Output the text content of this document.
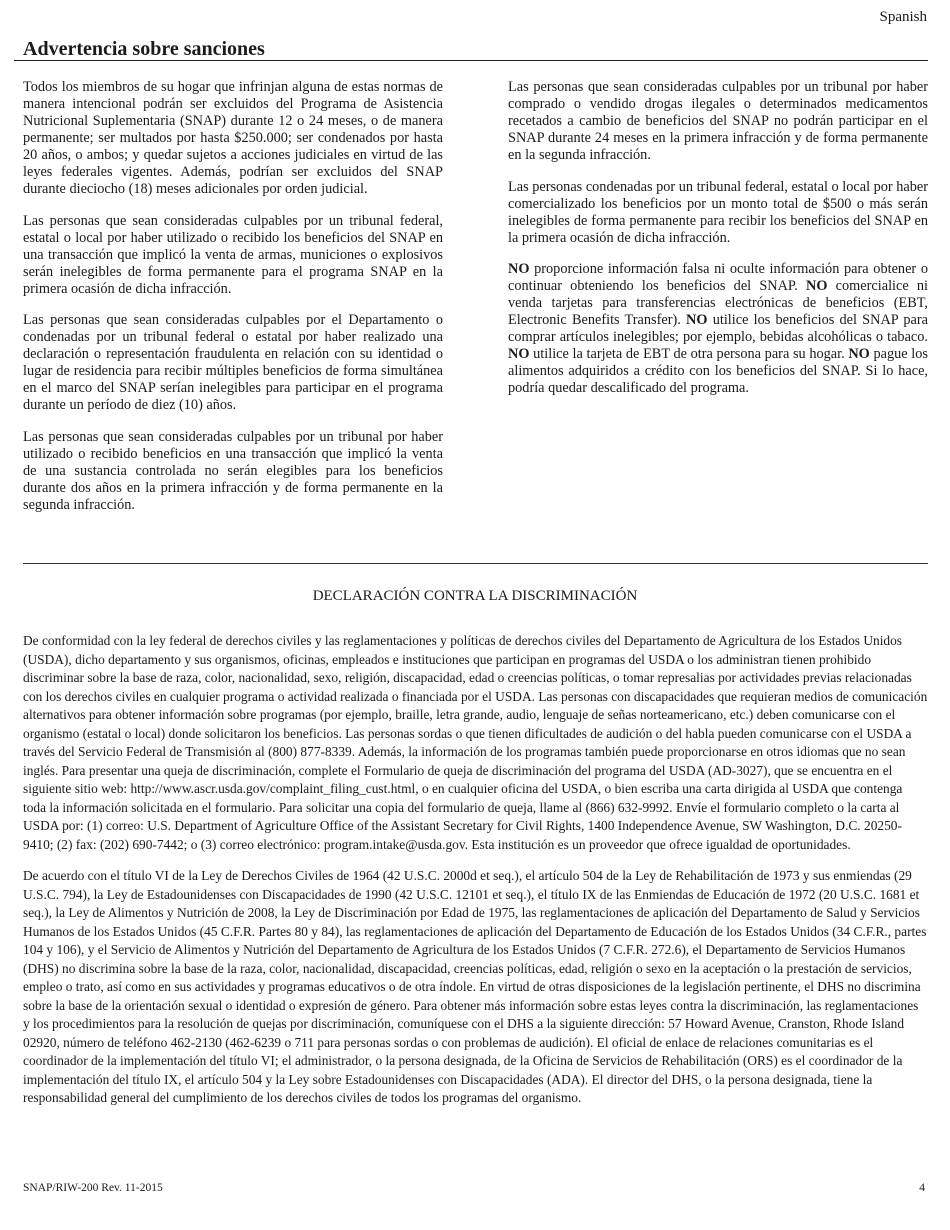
Spanish
Advertencia sobre sanciones

Todos los miembros de su hogar que infrinjan alguna de estas normas de manera intencional podrán ser excluidos del Programa de Asistencia Nutricional Suplementaria (SNAP) durante 12 o 24 meses, o de manera permanente; ser multados por hasta $250.000; ser condenados por hasta 20 años, o ambos; y quedar sujetos a acciones judiciales en virtud de las leyes federales vigentes. Además, podrían ser excluidos del SNAP durante dieciocho (18) meses adicionales por orden judicial.

Las personas que sean consideradas culpables por un tribunal federal, estatal o local por haber utilizado o recibido los beneficios del SNAP en una transacción que implicó la venta de armas, municiones o explosivos serán inelegibles de forma permanente para el programa SNAP en la primera ocasión de dicha infracción.

Las personas que sean consideradas culpables por el Departamento o condenadas por un tribunal federal o estatal por haber realizado una declaración o representación fraudulenta en relación con su identidad o lugar de residencia para recibir múltiples beneficios de forma simultánea en el marco del SNAP serían inelegibles para participar en el programa durante un período de diez (10) años.

Las personas que sean consideradas culpables por un tribunal por haber utilizado o recibido beneficios en una transacción que implicó la venta de una sustancia controlada no serán elegibles para los beneficios durante dos años en la primera infracción y de forma permanente en la segunda infracción.

Las personas que sean consideradas culpables por un tribunal por haber comprado o vendido drogas ilegales o determinados medicamentos recetados a cambio de beneficios del SNAP no podrán participar en el SNAP durante 24 meses en la primera infracción y de forma permanente en la segunda infracción.

Las personas condenadas por un tribunal federal, estatal o local por haber comercializado los beneficios por un monto total de $500 o más serán inelegibles de forma permanente para recibir los beneficios del SNAP en la primera ocasión de dicha infracción.

NO proporcione información falsa ni oculte información para obtener o continuar obteniendo los beneficios del SNAP. NO comercialice ni venda tarjetas para transferencias electrónicas de beneficios (EBT, Electronic Benefits Transfer). NO utilice los beneficios del SNAP para comprar artículos inelegibles; por ejemplo, bebidas alcohólicas o tabaco. NO utilice la tarjeta de EBT de otra persona para su hogar. NO pague los alimentos adquiridos a crédito con los beneficios del SNAP. Si lo hace, podría quedar descalificado del programa.

DECLARACIÓN CONTRA LA DISCRIMINACIÓN

De conformidad con la ley federal de derechos civiles y las reglamentaciones y políticas de derechos civiles del Departamento de Agricultura de los Estados Unidos (USDA), dicho departamento y sus organismos, oficinas, empleados e instituciones que participan en programas del USDA o los administran tienen prohibido discriminar sobre la base de raza, color, nacionalidad, sexo, religión, discapacidad, edad o creencias políticas, o tomar represalias por actividades previas relacionadas con los derechos civiles en cualquier programa o actividad realizada o financiada por el USDA. Las personas con discapacidades que requieran medios de comunicación alternativos para obtener información sobre programas (por ejemplo, braille, letra grande, audio, lenguaje de señas norteamericano, etc.) deben comunicarse con el organismo (estatal o local) donde solicitaron los beneficios. Las personas sordas o que tienen dificultades de audición o del habla pueden comunicarse con el USDA a través del Servicio Federal de Transmisión al (800) 877-8339. Además, la información de los programas también puede proporcionarse en otros idiomas que no sean inglés. Para presentar una queja de discriminación, complete el Formulario de queja de discriminación del programa del USDA (AD-3027), que se encuentra en el siguiente sitio web: http://www.ascr.usda.gov/complaint_filing_cust.html, o en cualquier oficina del USDA, o bien escriba una carta dirigida al USDA que contenga toda la información solicitada en el formulario. Para solicitar una copia del formulario de queja, llame al (866) 632-9992. Envíe el formulario completo o la carta al USDA por: (1) correo: U.S. Department of Agriculture Office of the Assistant Secretary for Civil Rights, 1400 Independence Avenue, SW Washington, D.C. 20250-9410; (2) fax: (202) 690-7442; o (3) correo electrónico: program.intake@usda.gov. Esta institución es un proveedor que ofrece igualdad de oportunidades.

De acuerdo con el título VI de la Ley de Derechos Civiles de 1964 (42 U.S.C. 2000d et seq.), el artículo 504 de la Ley de Rehabilitación de 1973 y sus enmiendas (29 U.S.C. 794), la Ley de Estadounidenses con Discapacidades de 1990 (42 U.S.C. 12101 et seq.), el título IX de las Enmiendas de Educación de 1972 (20 U.S.C. 1681 et seq.), la Ley de Alimentos y Nutrición de 2008, la Ley de Discriminación por Edad de 1975, las reglamentaciones de aplicación del Departamento de Salud y Servicios Humanos de los Estados Unidos (45 C.F.R. Partes 80 y 84), las reglamentaciones de aplicación del Departamento de Educación de los Estados Unidos (34 C.F.R., partes 104 y 106), y el Servicio de Alimentos y Nutrición del Departamento de Agricultura de los Estados Unidos (7 C.F.R. 272.6), el Departamento de Servicios Humanos (DHS) no discrimina sobre la base de la raza, color, nacionalidad, discapacidad, creencias políticas, edad, religión o sexo en la aceptación o la prestación de servicios, empleo o trato, así como en sus actividades y programas educativos o de otra índole. En virtud de otras disposiciones de la legislación pertinente, el DHS no discrimina sobre la base de la orientación sexual o identidad o expresión de género. Para obtener más información sobre estas leyes contra la discriminación, las reglamentaciones y los procedimientos para la resolución de quejas por discriminación, comuníquese con el DHS a la siguiente dirección: 57 Howard Avenue, Cranston, Rhode Island 02920, número de teléfono 462-2130 (462-6239 o 711 para personas sordas o con problemas de audición). El oficial de enlace de relaciones comunitarias es el coordinador de la implementación del título VI; el administrador, o la persona designada, de la Oficina de Servicios de Rehabilitación (ORS) es el coordinador de la implementación del título IX, el artículo 504 y la Ley sobre Estadounidenses con Discapacidades (ADA). El director del DHS, o la persona designada, tiene la responsabilidad general del cumplimiento de los derechos civiles de todos los programas del organismo.

SNAP/RIW-200 Rev. 11-2015	4
